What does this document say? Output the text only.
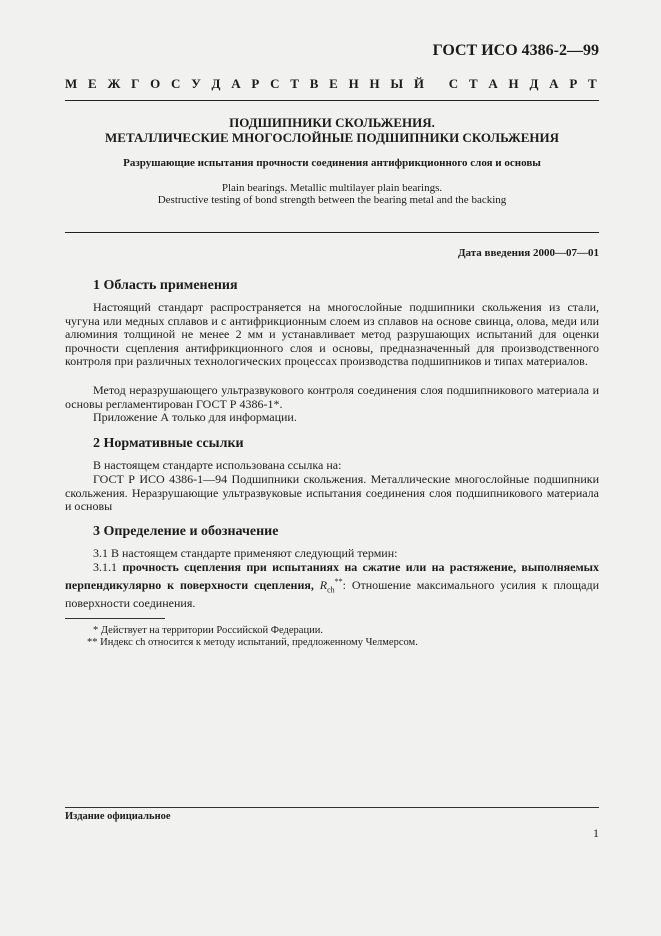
ГОСТ ИСО 4386-2—99
М Е Ж Г О С У Д А Р С Т В Е Н Н Ы Й
С Т А Н Д А Р Т
ПОДШИПНИКИ СКОЛЬЖЕНИЯ.
МЕТАЛЛИЧЕСКИЕ МНОГОСЛОЙНЫЕ ПОДШИПНИКИ СКОЛЬЖЕНИЯ
Разрушающие испытания прочности соединения антифрикционного слоя и основы
Plain bearings. Metallic multilayer plain bearings.
Destructive testing of bond strength between the bearing metal and the backing
Дата введения 2000—07—01
1 Область применения

Настоящий стандарт распространяется на многослойные подшипники скольжения из стали, чугуна или медных сплавов и с антифрикционным слоем из сплавов на основе свинца, олова, меди или алюминия толщиной не менее 2 мм и устанавливает метод разрушающих испытаний для оценки прочности сцепления антифрикционного слоя и основы, предназначенный для производственного контроля при различных технологических процессах производства подшипников и типах материалов.

Метод неразрушающего ультразвукового контроля соединения слоя подшипникового материала и основы регламентирован ГОСТ Р 4386-1*.

Приложение А только для информации.

2 Нормативные ссылки

В настоящем стандарте использована ссылка на:

ГОСТ Р ИСО 4386-1—94 Подшипники скольжения. Металлические многослойные подшипники скольжения. Неразрушающие ультразвуковые испытания соединения слоя подшипникового материала и основы

3 Определение и обозначение

3.1 В настоящем стандарте применяют следующий термин:

3.1.1 прочность сцепления при испытаниях на сжатие или на растяжение, выполняемых перпендикулярно к поверхности сцепления, $R_{ch}^{**}$: Отношение максимального усилия к площади поверхности соединения.

* Действует на территории Российской Федерации.
** Индекс ch относится к методу испытаний, предложенному Челмерсом.
Издание официальное
1
